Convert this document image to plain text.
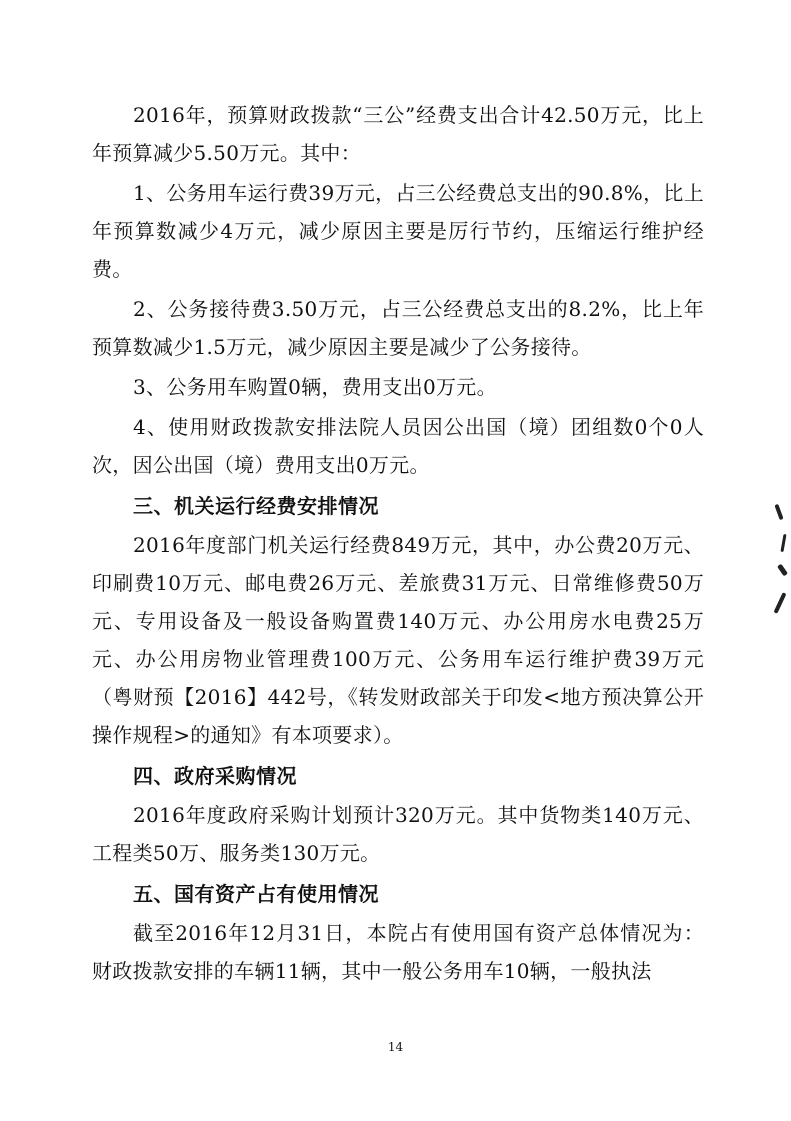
2016年，预算财政拨款“三公”经费支出合计42.50万元，比上年预算减少5.50万元。其中：

1、公务用车运行费39万元，占三公经费总支出的90.8%，比上年预算数减少4万元，减少原因主要是厉行节约，压缩运行维护经费。

2、公务接待费3.50万元，占三公经费总支出的8.2%，比上年预算数减少1.5万元，减少原因主要是减少了公务接待。

3、公务用车购置0辆，费用支出0万元。

4、使用财政拨款安排法院人员因公出国（境）团组数0个0人次，因公出国（境）费用支出0万元。

三、机关运行经费安排情况

2016年度部门机关运行经费849万元，其中，办公费20万元、印刷费10万元、邮电费26万元、差旅费31万元、日常维修费50万元、专用设备及一般设备购置费140万元、办公用房水电费25万元、办公用房物业管理费100万元、公务用车运行维护费39万元（粤财预【2016】442号，《转发财政部关于印发<地方预决算公开操作规程>的通知》有本项要求）。

四、政府采购情况

2016年度政府采购计划预计320万元。其中货物类140万元、工程类50万、服务类130万元。

五、国有资产占有使用情况

截至2016年12月31日，本院占有使用国有资产总体情况为：财政拨款安排的车辆11辆，其中一般公务用车10辆，一般执法

14
